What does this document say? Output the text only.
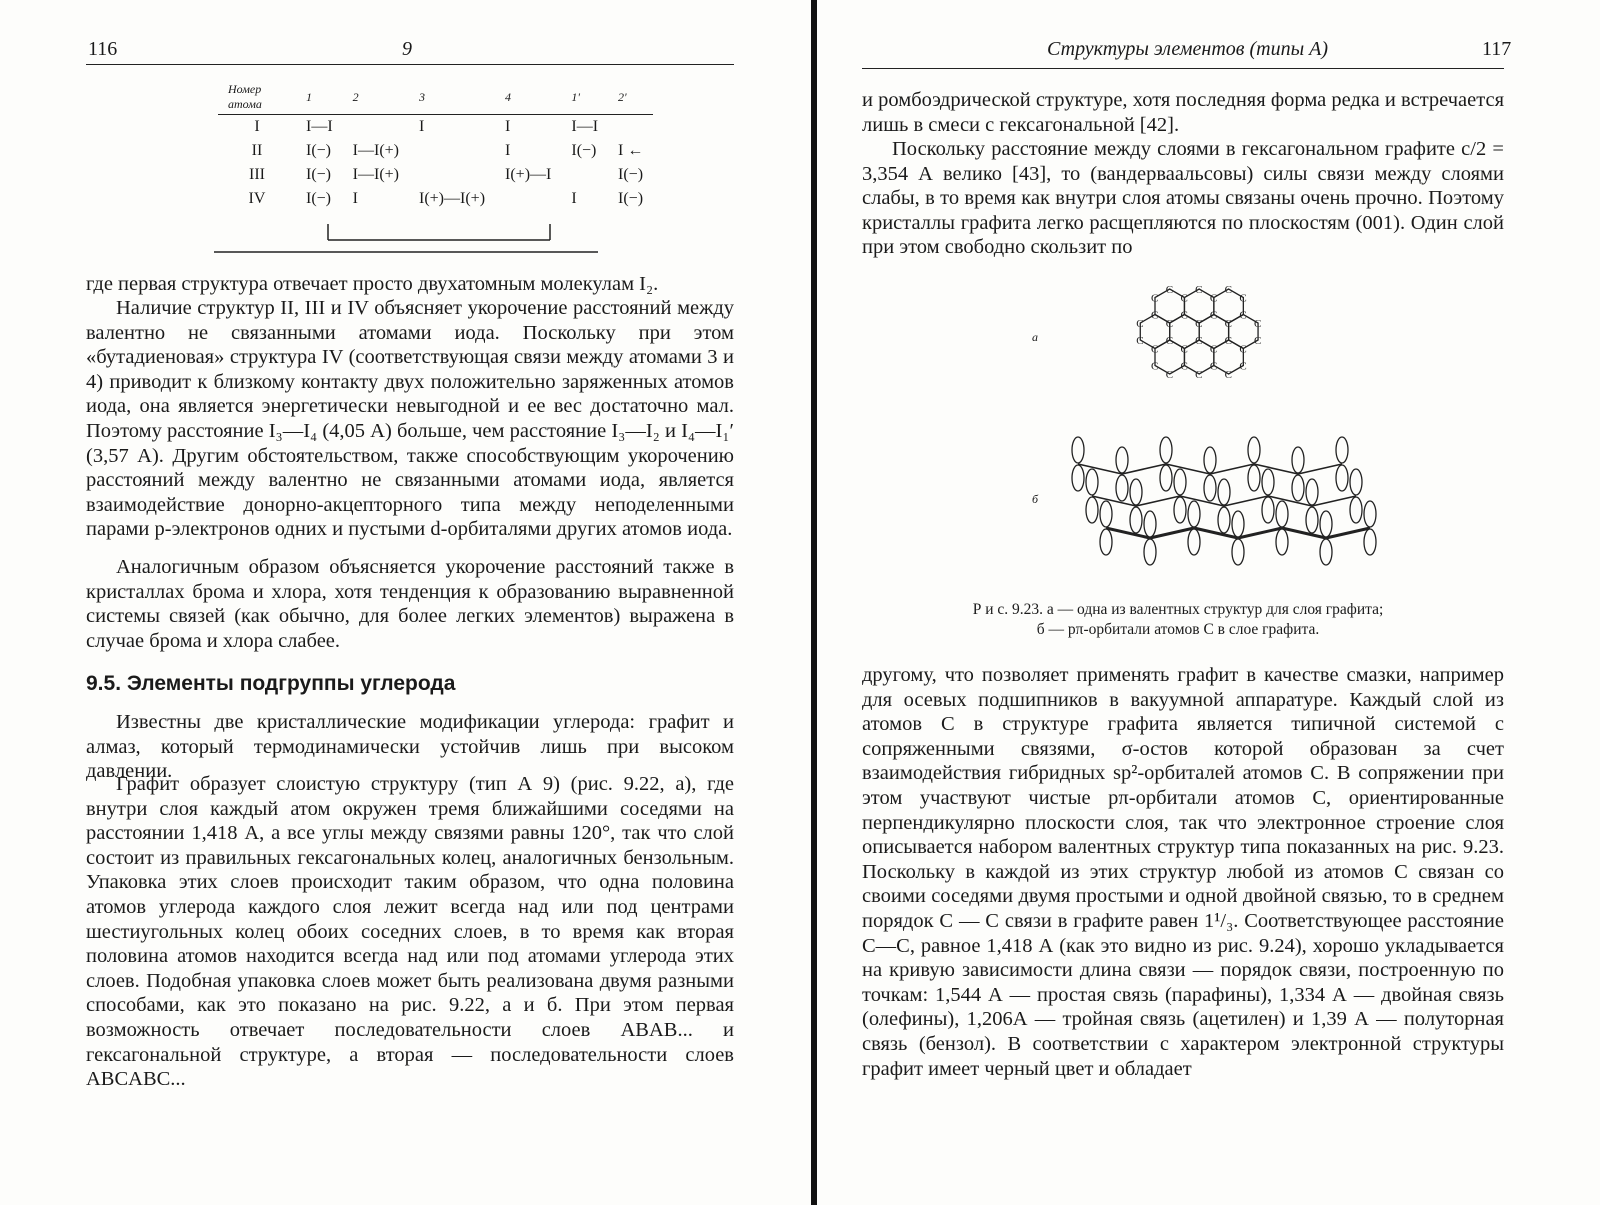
116	9
Номер атома	1	2	3	4	1'	2'
I	I—I		I	I	I—I	
II	I(−)	I—I(+)		I	I(−)	I ←
III	I(−)	I—I(+)		I(+)—I		I(−)
IV	I(−)	I	I(+)—I(+)		I	I(−)

где первая структура отвечает просто двухатомным молекулам I₂.

Наличие структур II, III и IV объясняет укорочение расстояний между валентно не связанными атомами иода. Поскольку при этом «бутадиеновая» структура IV (соответствующая связи между атомами 3 и 4) приводит к близкому контакту двух положительно заряженных атомов иода, она является энергетически невыгодной и ее вес достаточно мал. Поэтому расстояние I₃—I₄ (4,05 А) больше, чем расстояние I₃—I₂ и I₄—I₁′ (3,57 А). Другим обстоятельством, также способствующим укорочению расстояний между валентно не связанными атомами иода, является взаимодействие донорно-акцепторного типа между неподеленными парами p-электронов одних и пустыми d-орбиталями других атомов иода.

Аналогичным образом объясняется укорочение расстояний также в кристаллах брома и хлора, хотя тенденция к образованию выравненной системы связей (как обычно, для более легких элементов) выражена в случае брома и хлора слабее.

9.5. Элементы подгруппы углерода

Известны две кристаллические модификации углерода: графит и алмаз, который термодинамически устойчив лишь при высоком давлении.

Графит образует слоистую структуру (тип А 9) (рис. 9.22, а), где внутри слоя каждый атом окружен тремя ближайшими соседями на расстоянии 1,418 А, а все углы между связями равны 120°, так что слой состоит из правильных гексагональных колец, аналогичных бензольным. Упаковка этих слоев происходит таким образом, что одна половина атомов углерода каждого слоя лежит всегда над или под центрами шестиугольных колец обоих соседних слоев, в то время как вторая половина атомов находится всегда над или под атомами углерода этих слоев. Подобная упаковка слоев может быть реализована двумя разными способами, как это показано на рис. 9.22, а и б. При этом первая возможность отвечает последовательности слоев ABAB... и гексагональной структуре, а вторая — последовательности слоев ABCABC...

Структуры элементов (типы А)	117

и ромбоэдрической структуре, хотя последняя форма редка и встречается лишь в смеси с гексагональной [42].

Поскольку расстояние между слоями в гексагональном графите c/2 = 3,354 А велико [43], то (вандерваальсовы) силы связи между слоями слабы, в то время как внутри слоя атомы связаны очень прочно. Поэтому кристаллы графита легко расщепляются по плоскостям (001). Один слой при этом свободно скользит по

а
C
C
C
C
C
C
C
C
C
C
C
C
C
C
C
C
C
C
C
C
C
C
C
C
C
C
C
C	C
C
C
C
б
Р и с. 9.23. а — одна из валентных структур для слоя графита;
б — pπ-орбитали атомов С в слое графита.

другому, что позволяет применять графит в качестве смазки, например для осевых подшипников в вакуумной аппаратуре. Каждый слой из атомов С в структуре графита является типичной системой с сопряженными связями, σ-остов которой образован за счет взаимодействия гибридных sp²-орбиталей атомов С. В сопряжении при этом участвуют чистые pπ-орбитали атомов С, ориентированные перпендикулярно плоскости слоя, так что электронное строение слоя описывается набором валентных структур типа показанных на рис. 9.23. Поскольку в каждой из этих структур любой из атомов С связан со своими соседями двумя простыми и одной двойной связью, то в среднем порядок С — С связи в графите равен 1¹/₃. Соответствующее расстояние С—С, равное 1,418 А (как это видно из рис. 9.24), хорошо укладывается на кривую зависимости длина связи — порядок связи, построенную по точкам: 1,544 А — простая связь (парафины), 1,334 А — двойная связь (олефины), 1,206А — тройная связь (ацетилен) и 1,39 А — полуторная связь (бензол). В соответствии с характером электронной структуры графит имеет черный цвет и обладает
